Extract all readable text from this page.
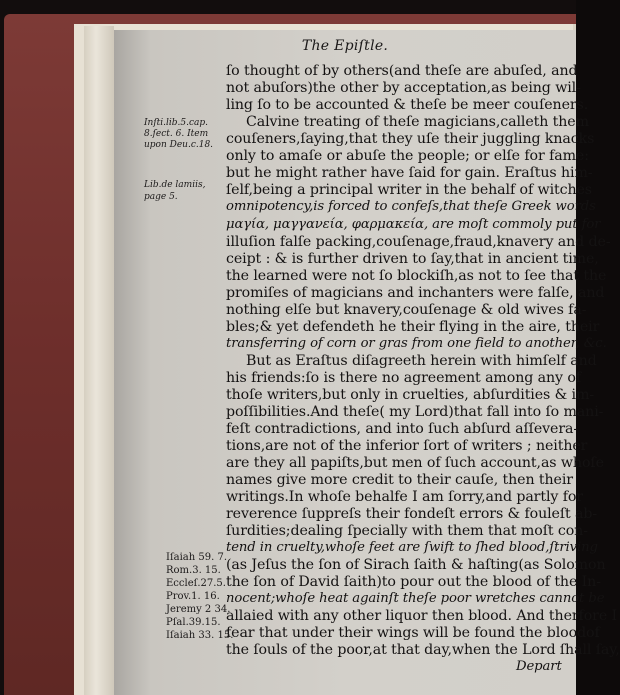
The Epiſtle.
ſo thought of by others(and theſe are abuſed, and
not abuſors)the other by acceptation,as being wil-
ling ſo to be accounted & theſe be meer couſeners.
Calvine treating of theſe magicians,calleth them
couſeners,ſaying,that they uſe their juggling knacks
only to amaſe or abuſe the people; or elſe for fame:
but he might rather have ſaid for gain. Eraſtus him-
ſelf,being a principal writer in the behalf of witches
omnipotency,is forced to confeſs,that theſe Greek words
μαγία, μαγγανεία, φαρμακεία, are moſt commoly put for
illuſion falſe packing,couſenage,fraud,knavery and de-
ceipt : & is further driven to ſay,that in ancient time,
the learned were not ſo blockiſh,as not to ſee that the
promiſes of magicians and inchanters were falſe, and
nothing elſe but knavery,couſenage & old wives fa-
bles;& yet defendeth he their flying in the aire, their
transferring of corn or gras from one field to another, &c.
But as Eraſtus diſagreeth herein with himſelf and
his friends:ſo is there no agreement among any of
thoſe writers,but only in cruelties, abſurdities & im-
poſſibilities.And theſe( my Lord)that fall into ſo mani-
feſt contradictions, and into ſuch abſurd aſſevera-
tions,are not of the inferior ſort of writers ; neither
are they all papiſts,but men of ſuch account,as whoſe
names give more credit to their cauſe, then their
writings.In whoſe behalfe I am ſorry,and partly for
reverence ſuppreſs their fondeſt errors & fouleſt ab-
ſurdities;dealing ſpecially with them that moſt con-
tend in cruelty,whoſe feet are ſwift to ſhed blood,ſtriving
(as Jeſus the ſon of Sirach ſaith & haſting(as Solomon
the ſon of David ſaith)to pour out the blood of the In-
nocent;whoſe heat againſt theſe poor wretches cannot be
allaied with any other liquor then blood. And therfore I
fear that under their wings will be found the bloodof
the ſouls of the poor,at that day,when the Lord ſhall ſay,
Depart
Inſti.lib.5.cap.
8.ſect. 6. Item
upon Deu.c.18.
Lib.de lamiis,
page 5.
Iſaiah 59. 7.
Rom.3. 15.
Eccleſ.27.5.
Prov.1. 16.
Jeremy 2 34.
Pſal.39.15.
Iſaiah 33. 15.
